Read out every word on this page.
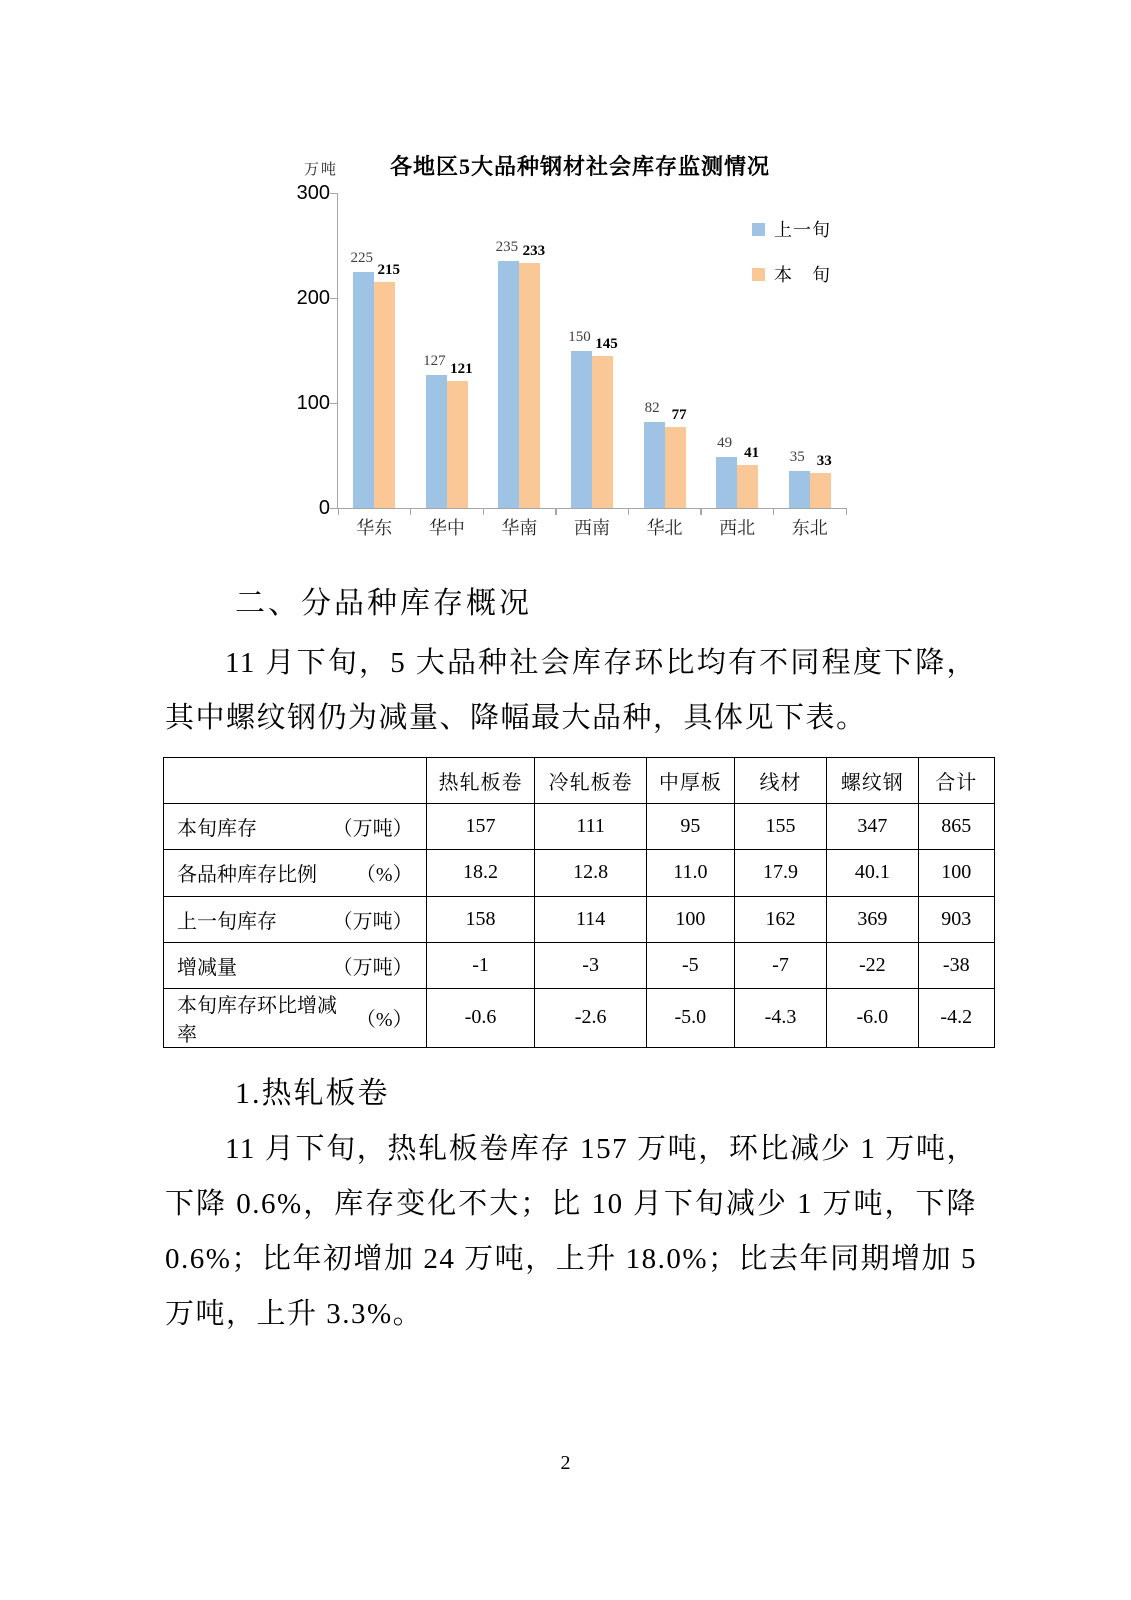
万吨	各地区5大品种钢材社会库存监测情况
0
100
200
300
225
215
华东
127
121
华中
235 233
华南
150 145
西南
82 77
华北
49
41
西北
35 33
东北
上一旬
本　旬
二、分品种库存概况
11 月下旬，5 大品种社会库存环比均有不同程度下降，
其中螺纹钢仍为减量、降幅最大品种，具体见下表。
	热轧板卷	冷轧板卷	中厚板	线材	螺纹钢	合计

本旬库存 （万吨）	157	111	95	155	347	865

各品种库存比例 （%）	18.2	12.8	11.0	17.9	40.1	100

上一旬库存 （万吨）	158	114	100	162	369	903

增减量 （万吨）	-1	-3	-5	-7	-22	-38

本旬库存环比增减率
（%）	-0.6	-2.6	-5.0	-4.3	-6.0	-4.2
1.热轧板卷
11 月下旬，热轧板卷库存 157 万吨，环比减少 1 万吨，
下降 0.6%，库存变化不大；比 10 月下旬减少 1 万吨，下降
0.6%；比年初增加 24 万吨，上升 18.0%；比去年同期增加 5
万吨，上升 3.3%。
2
